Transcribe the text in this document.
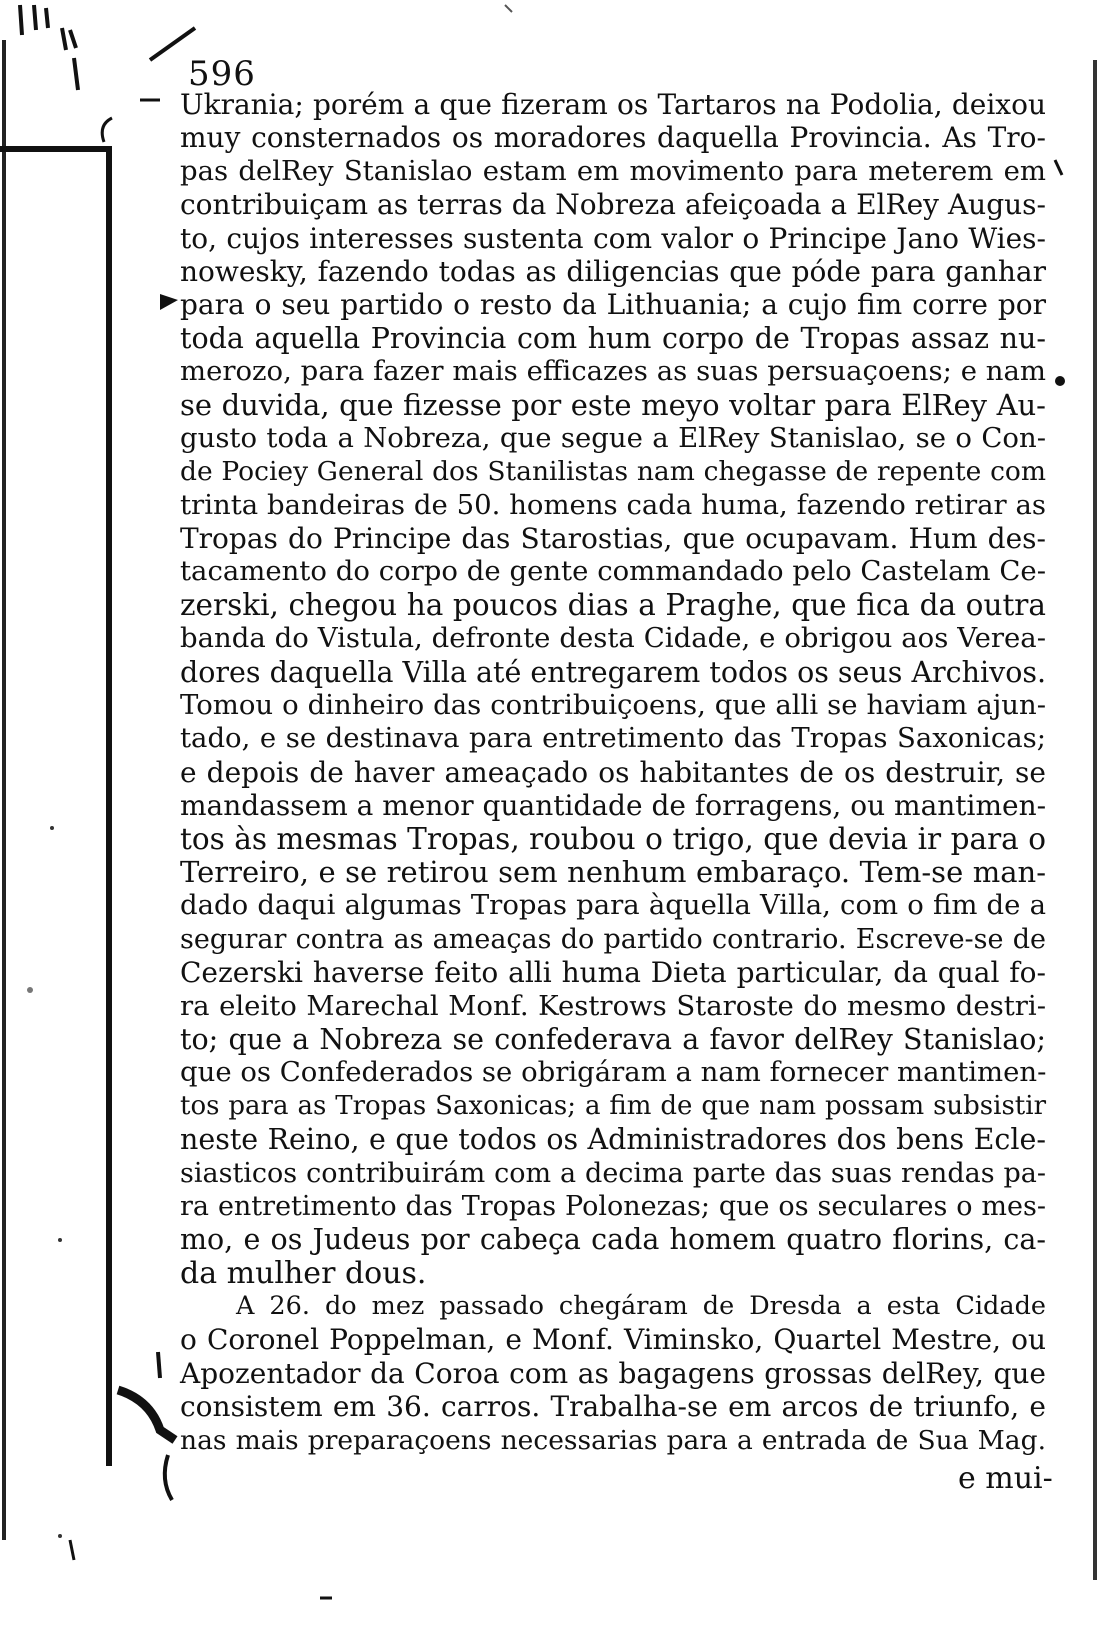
596
Ukrania; porém a que fizeram os Tartaros na Podolia, deixou
muy consternados os moradores daquella Provincia. As Tro-
pas delRey Stanislao estam em movimento para meterem em
contribuiçam as terras da Nobreza afeiçoada a ElRey Augus-
to, cujos interesses sustenta com valor o Principe Jano Wies-
nowesky, fazendo todas as diligencias que póde para ganhar
para o seu partido o resto da Lithuania; a cujo fim corre por
toda aquella Provincia com hum corpo de Tropas assaz nu-
merozo, para fazer mais efficazes as suas persuaçoens; e nam
se duvida, que fizesse por este meyo voltar para ElRey Au-
gusto toda a Nobreza, que segue a ElRey Stanislao, se o Con-
de Pociey General dos Stanilistas nam chegasse de repente com
trinta bandeiras de 50. homens cada huma, fazendo retirar as
Tropas do Principe das Starostias, que ocupavam. Hum des-
tacamento do corpo de gente commandado pelo Castelam Ce-
zerski, chegou ha poucos dias a Praghe, que fica da outra
banda do Vistula, defronte desta Cidade, e obrigou aos Verea-
dores daquella Villa até entregarem todos os seus Archivos.
Tomou o dinheiro das contribuiçoens, que alli se haviam ajun-
tado, e se destinava para entretimento das Tropas Saxonicas;
e depois de haver ameaçado os habitantes de os destruir, se
mandassem a menor quantidade de forragens, ou mantimen-
tos às mesmas Tropas, roubou o trigo, que devia ir para o
Terreiro, e se retirou sem nenhum embaraço. Tem-se man-
dado daqui algumas Tropas para àquella Villa, com o fim de a
segurar contra as ameaças do partido contrario. Escreve-se de
Cezerski haverse feito alli huma Dieta particular, da qual fo-
ra eleito Marechal Monf. Kestrows Staroste do mesmo destri-
to; que a Nobreza se confederava a favor delRey Stanislao;
que os Confederados se obrigáram a nam fornecer mantimen-
tos para as Tropas Saxonicas; a fim de que nam possam subsistir
neste Reino, e que todos os Administradores dos bens Ecle-
siasticos contribuirám com a decima parte das suas rendas pa-
ra entretimento das Tropas Polonezas; que os seculares o mes-
mo, e os Judeus por cabeça cada homem quatro florins, ca-
da mulher dous.
A 26. do mez passado chegáram de Dresda a esta Cidade
o Coronel Poppelman, e Monf. Viminsko, Quartel Mestre, ou
Apozentador da Coroa com as bagagens grossas delRey, que
consistem em 36. carros. Trabalha-se em arcos de triunfo, e
nas mais preparaçoens necessarias para a entrada de Sua Mag.
e mui-
